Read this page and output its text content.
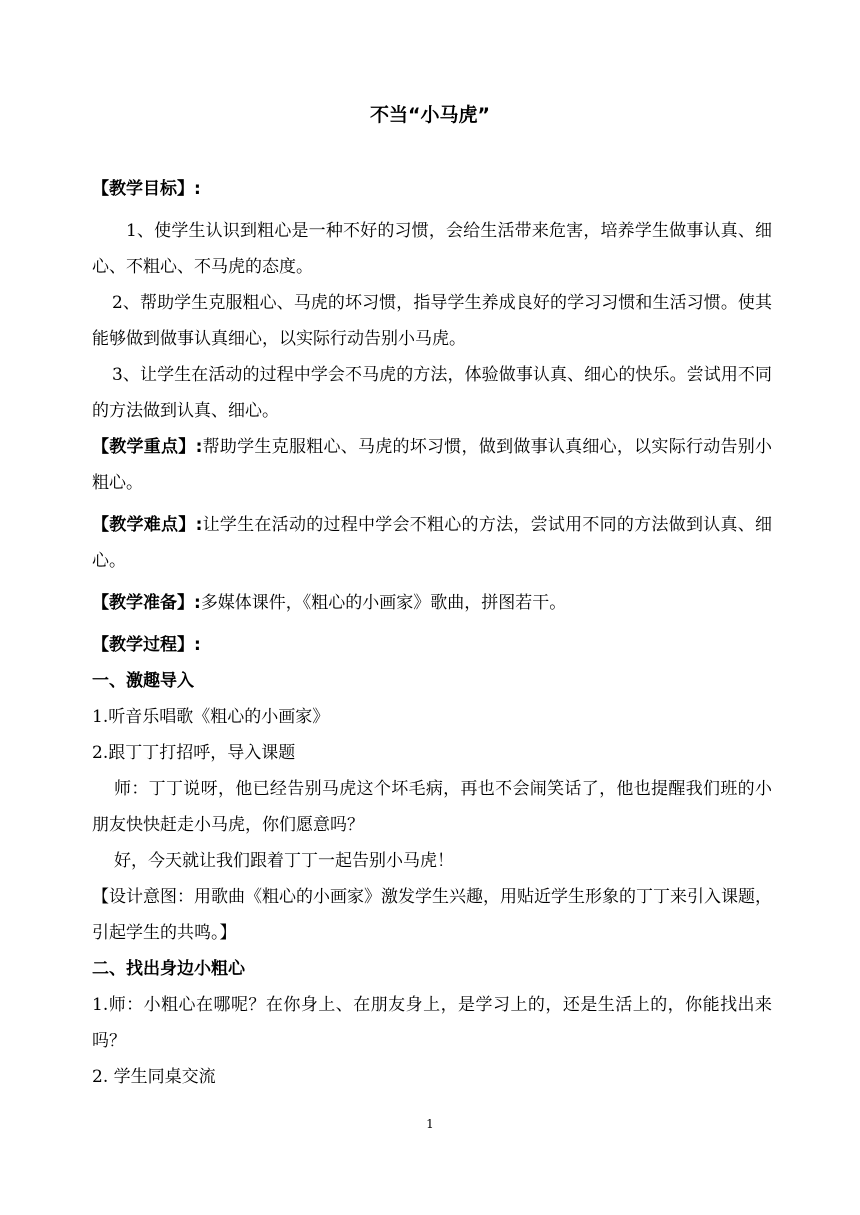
不当“小马虎”

【教学目标】:

1、使学生认识到粗心是一种不好的习惯，会给生活带来危害，培养学生做事认真、细心、不粗心、不马虎的态度。

2、帮助学生克服粗心、马虎的坏习惯，指导学生养成良好的学习习惯和生活习惯。使其能够做到做事认真细心，以实际行动告别小马虎。

3、让学生在活动的过程中学会不马虎的方法，体验做事认真、细心的快乐。尝试用不同的方法做到认真、细心。

【教学重点】:帮助学生克服粗心、马虎的坏习惯，做到做事认真细心，以实际行动告别小粗心。

【教学难点】:让学生在活动的过程中学会不粗心的方法，尝试用不同的方法做到认真、细心。

【教学准备】:多媒体课件，《粗心的小画家》歌曲，拼图若干。

【教学过程】:

一、激趣导入

1.听音乐唱歌《粗心的小画家》

2.跟丁丁打招呼，导入课题

师：丁丁说呀，他已经告别马虎这个坏毛病，再也不会闹笑话了，他也提醒我们班的小朋友快快赶走小马虎，你们愿意吗？

好，今天就让我们跟着丁丁一起告别小马虎！

【设计意图：用歌曲《粗心的小画家》激发学生兴趣，用贴近学生形象的丁丁来引入课题，引起学生的共鸣。】

二、找出身边小粗心

1.师：小粗心在哪呢？在你身上、在朋友身上，是学习上的，还是生活上的，你能找出来吗？

2. 学生同桌交流

1
